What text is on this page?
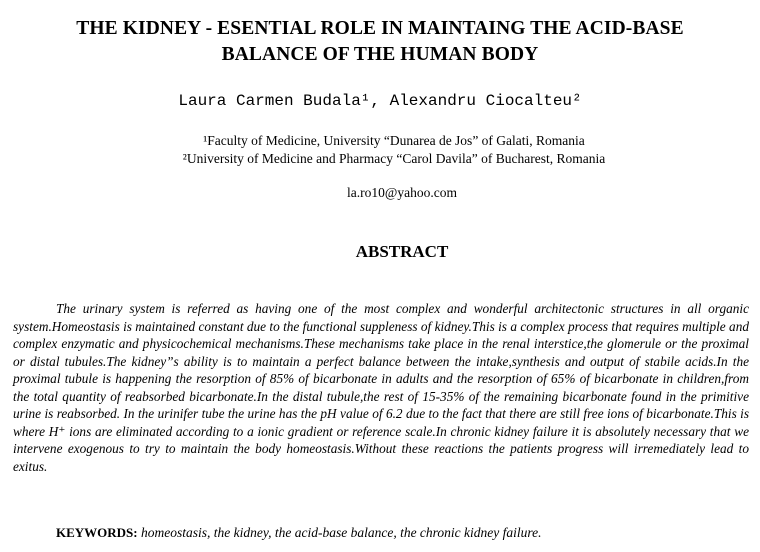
THE KIDNEY - ESENTIAL ROLE IN MAINTAING THE ACID-BASE BALANCE OF THE HUMAN BODY
Laura Carmen Budala¹, Alexandru Ciocalteu²
¹Faculty of Medicine, University “Dunarea de Jos” of Galati, Romania
²University of Medicine and Pharmacy “Carol Davila” of Bucharest, Romania
la.ro10@yahoo.com
ABSTRACT
The urinary system is referred as having one of the most complex and wonderful architectonic structures in all organic system.Homeostasis is maintained constant due to the functional suppleness of kidney.This is a complex process that requires multiple and complex enzymatic and physicochemical mechanisms.These mechanisms take place in the renal interstice,the glomerule or the proximal or distal tubules.The kidney”s ability is to maintain a perfect balance between the intake,synthesis and output of stabile acids.In the proximal tubule is happening the resorption of 85% of bicarbonate in adults and the resorption of 65% of bicarbonate in children,from the total quantity of reabsorbed bicarbonate.In the distal tubule,the rest of 15-35% of the remaining bicarbonate found in the primitive urine is reabsorbed. In the urinifer tube the urine has the pH value of 6.2 due to the fact that there are still free ions of bicarbonate.This is where H⁺ ions are eliminated according to a ionic gradient or reference scale.In chronic kidney failure it is absolutely necessary that we intervene exogenous to try to maintain the body homeostasis.Without these reactions the patients progress will irremediately lead to exitus.
KEYWORDS: homeostasis, the kidney, the acid-base balance, the chronic kidney failure.
